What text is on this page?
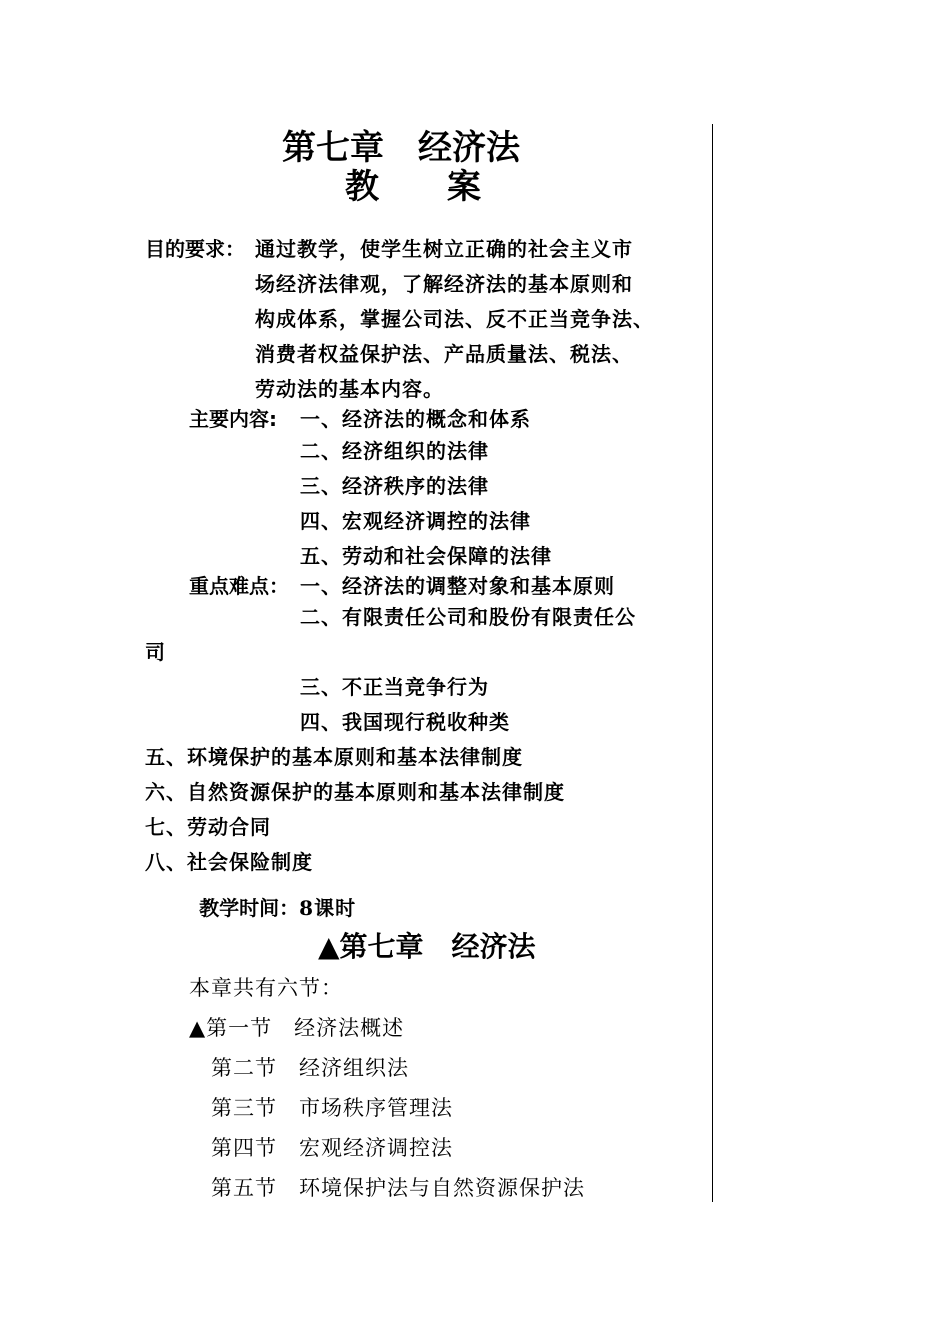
第七章　经济法
教　　案
目的要求： 通过教学，使学生树立正确的社会主义市
场经济法律观，了解经济法的基本原则和
构成体系，掌握公司法、反不正当竞争法、
消费者权益保护法、产品质量法、税法、
劳动法的基本内容。
主要内容: 一、经济法的概念和体系
二、经济组织的法律
三、经济秩序的法律
四、宏观经济调控的法律
五、劳动和社会保障的法律
重点难点： 一、经济法的调整对象和基本原则
二、有限责任公司和股份有限责任公
司
三、不正当竞争行为
四、我国现行税收种类
五、环境保护的基本原则和基本法律制度
六、自然资源保护的基本原则和基本法律制度
七、劳动合同
八、社会保险制度

教学时间：8课时

▲第七章　经济法
本章共有六节：
▲第一节　经济法概述
第二节　经济组织法
第三节　市场秩序管理法
第四节　宏观经济调控法
第五节　环境保护法与自然资源保护法
